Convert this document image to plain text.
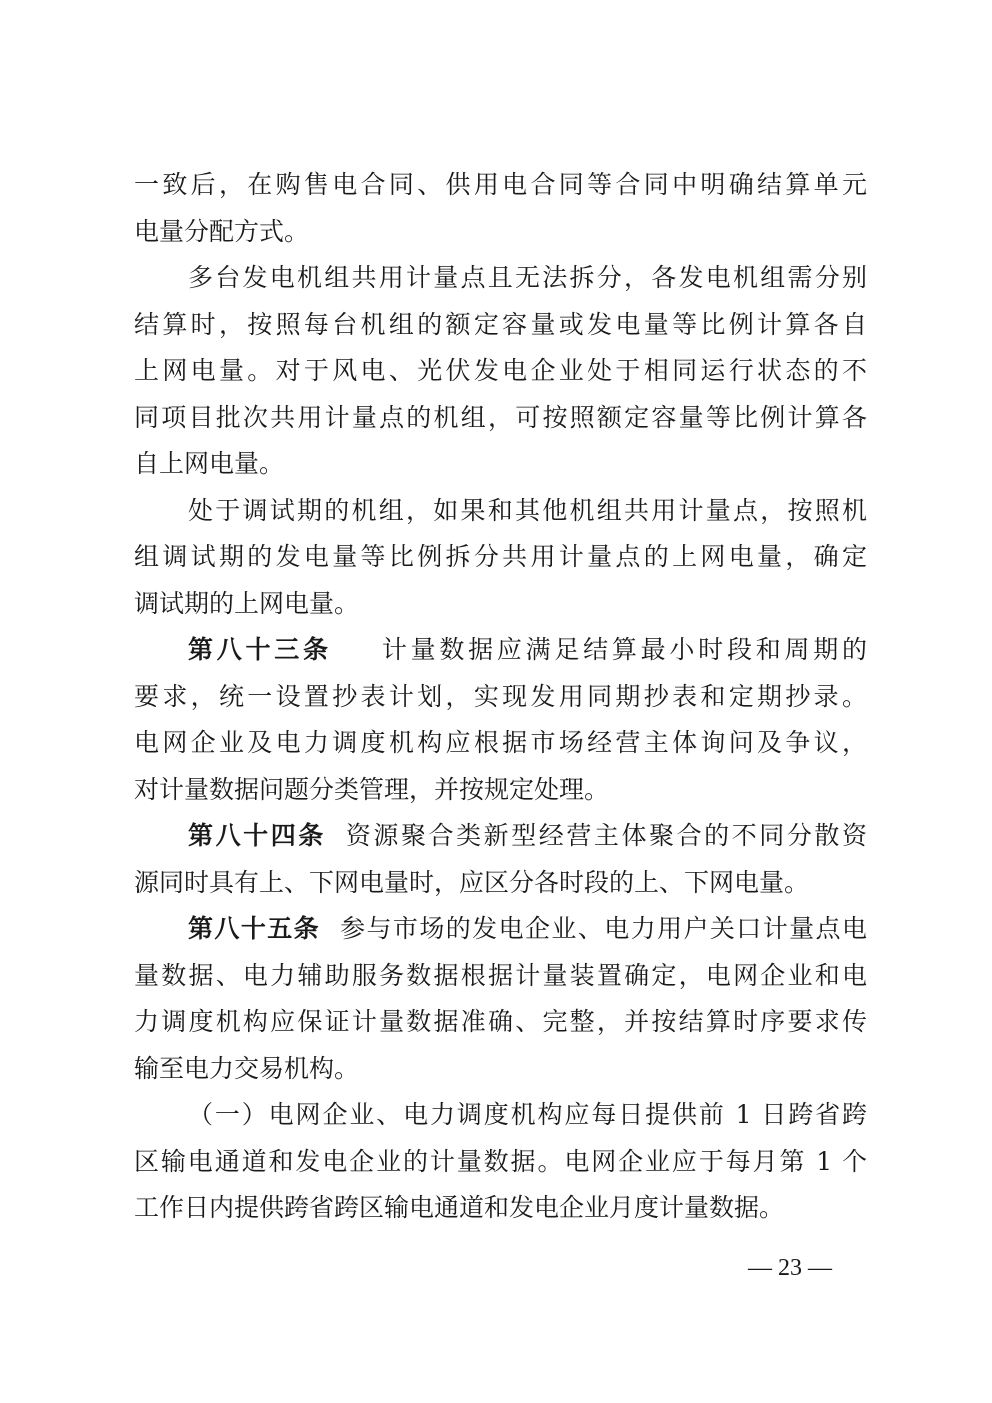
一致后，在购售电合同、供用电合同等合同中明确结算单元
电量分配方式。
多台发电机组共用计量点且无法拆分，各发电机组需分别
结算时，按照每台机组的额定容量或发电量等比例计算各自
上网电量。对于风电、光伏发电企业处于相同运行状态的不
同项目批次共用计量点的机组，可按照额定容量等比例计算各
自上网电量。
处于调试期的机组，如果和其他机组共用计量点，按照机
组调试期的发电量等比例拆分共用计量点的上网电量，确定
调试期的上网电量。
第八十三条 计量数据应满足结算最小时段和周期的
要求，统一设置抄表计划，实现发用同期抄表和定期抄录。
电网企业及电力调度机构应根据市场经营主体询问及争议，
对计量数据问题分类管理，并按规定处理。
第八十四条 资源聚合类新型经营主体聚合的不同分散资
源同时具有上、下网电量时，应区分各时段的上、下网电量。
第八十五条 参与市场的发电企业、电力用户关口计量点电
量数据、电力辅助服务数据根据计量装置确定，电网企业和电
力调度机构应保证计量数据准确、完整，并按结算时序要求传
输至电力交易机构。
（一）电网企业、电力调度机构应每日提供前 1 日跨省跨
区输电通道和发电企业的计量数据。电网企业应于每月第 1 个
工作日内提供跨省跨区输电通道和发电企业月度计量数据。
— 23 —
